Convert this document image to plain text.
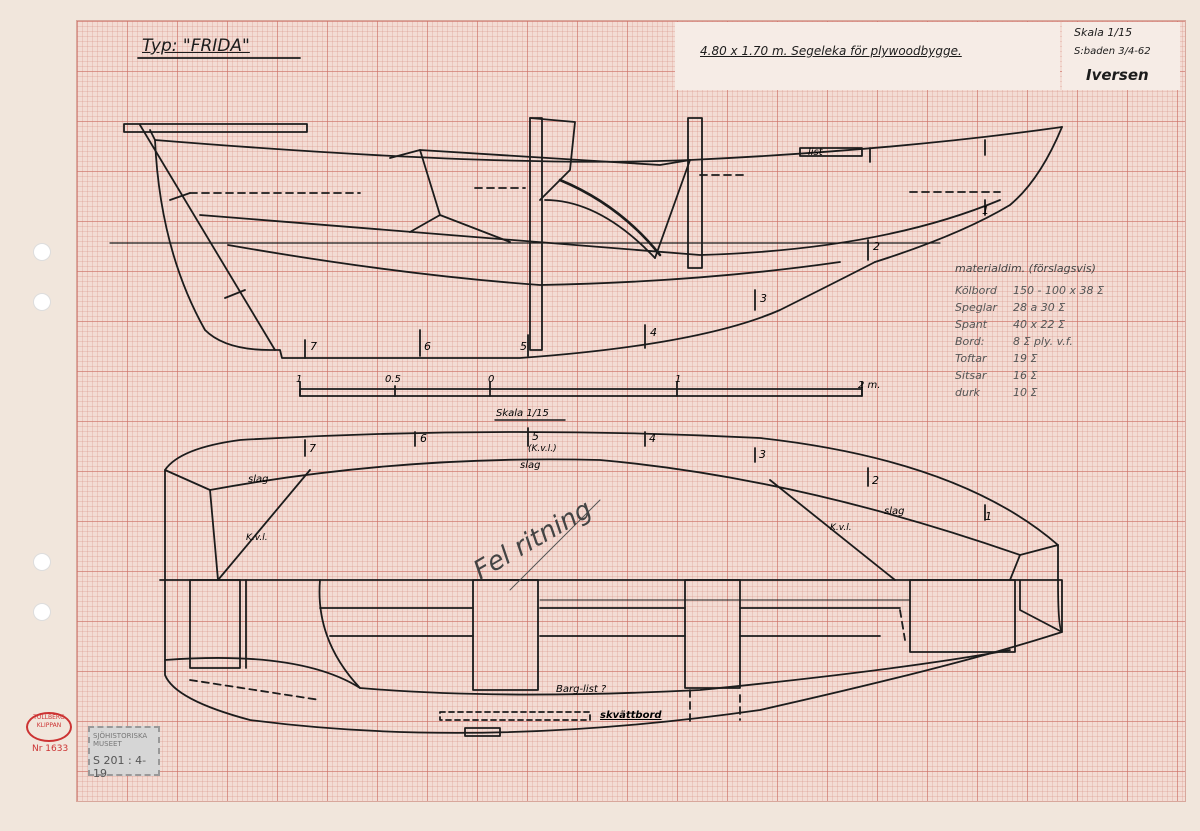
Typ: "FRIDA"	4.80 x 1.70 m. Segeleka för plywoodbygge.
Skala 1/15
S:baden 3/4-62
Iversen
materialdim. (förslagsvis)
Kölbord 150 - 100 x 38 Σ
Speglar 28 a 30 Σ
Spant 40 x 22 Σ
Bord:	8 Σ ply. v.f.
Toftar 19 Σ
Sitsar 16 Σ
durk	10 Σ
7	6	5
4
3
2
1
list
1	0.5	0	1
2 m.
Skala 1/15
7
6	5	4
3
2
1
slag
slag
slag
(K.v.l.)
K.v.l.
K.v.l.
Barg-list ?
skvättbord
Fel ritning
TULLBERG KLIPPAN
Nr 1633
SJÖHISTORISKA MUSEET
S 201 : 4-19
